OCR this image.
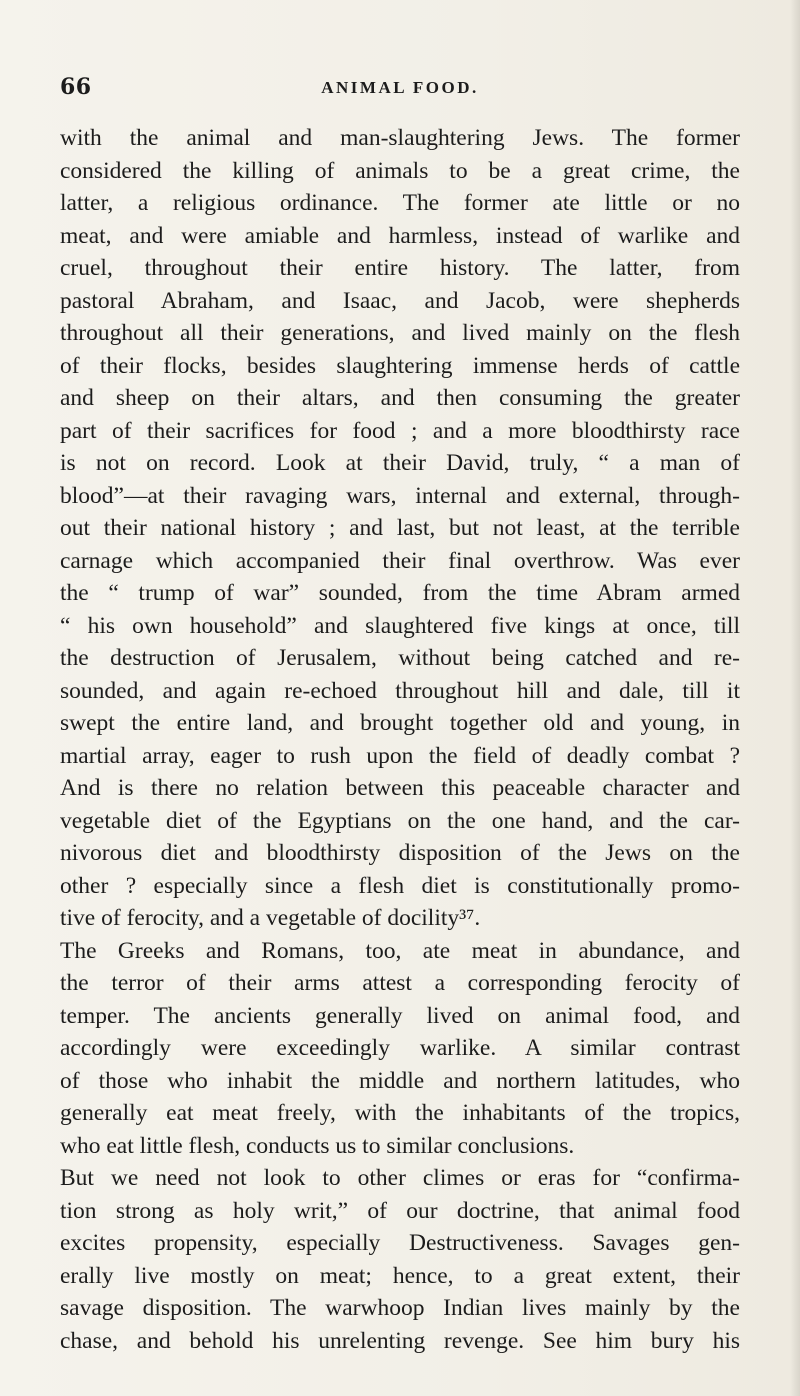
66	ANIMAL FOOD.
with the animal and man-slaughtering Jews. The former
considered the killing of animals to be a great crime, the
latter, a religious ordinance. The former ate little or no
meat, and were amiable and harmless, instead of warlike and
cruel, throughout their entire history. The latter, from
pastoral Abraham, and Isaac, and Jacob, were shepherds
throughout all their generations, and lived mainly on the flesh
of their flocks, besides slaughtering immense herds of cattle
and sheep on their altars, and then consuming the greater
part of their sacrifices for food ; and a more bloodthirsty race
is not on record. Look at their David, truly, “ a man of
blood”—at their ravaging wars, internal and external, through-
out their national history ; and last, but not least, at the terrible
carnage which accompanied their final overthrow. Was ever
the “ trump of war” sounded, from the time Abram armed
“ his own household” and slaughtered five kings at once, till
the destruction of Jerusalem, without being catched and re-
sounded, and again re-echoed throughout hill and dale, till it
swept the entire land, and brought together old and young, in
martial array, eager to rush upon the field of deadly combat ?
And is there no relation between this peaceable character and
vegetable diet of the Egyptians on the one hand, and the car-
nivorous diet and bloodthirsty disposition of the Jews on the
other ? especially since a flesh diet is constitutionally promo-
tive of ferocity, and a vegetable of docility³⁷.
The Greeks and Romans, too, ate meat in abundance, and
the terror of their arms attest a corresponding ferocity of
temper. The ancients generally lived on animal food, and
accordingly were exceedingly warlike. A similar contrast
of those who inhabit the middle and northern latitudes, who
generally eat meat freely, with the inhabitants of the tropics,
who eat little flesh, conducts us to similar conclusions.
But we need not look to other climes or eras for “confirma-
tion strong as holy writ,” of our doctrine, that animal food
excites propensity, especially Destructiveness. Savages gen-
erally live mostly on meat; hence, to a great extent, their
savage disposition. The warwhoop Indian lives mainly by the
chase, and behold his unrelenting revenge. See him bury his
